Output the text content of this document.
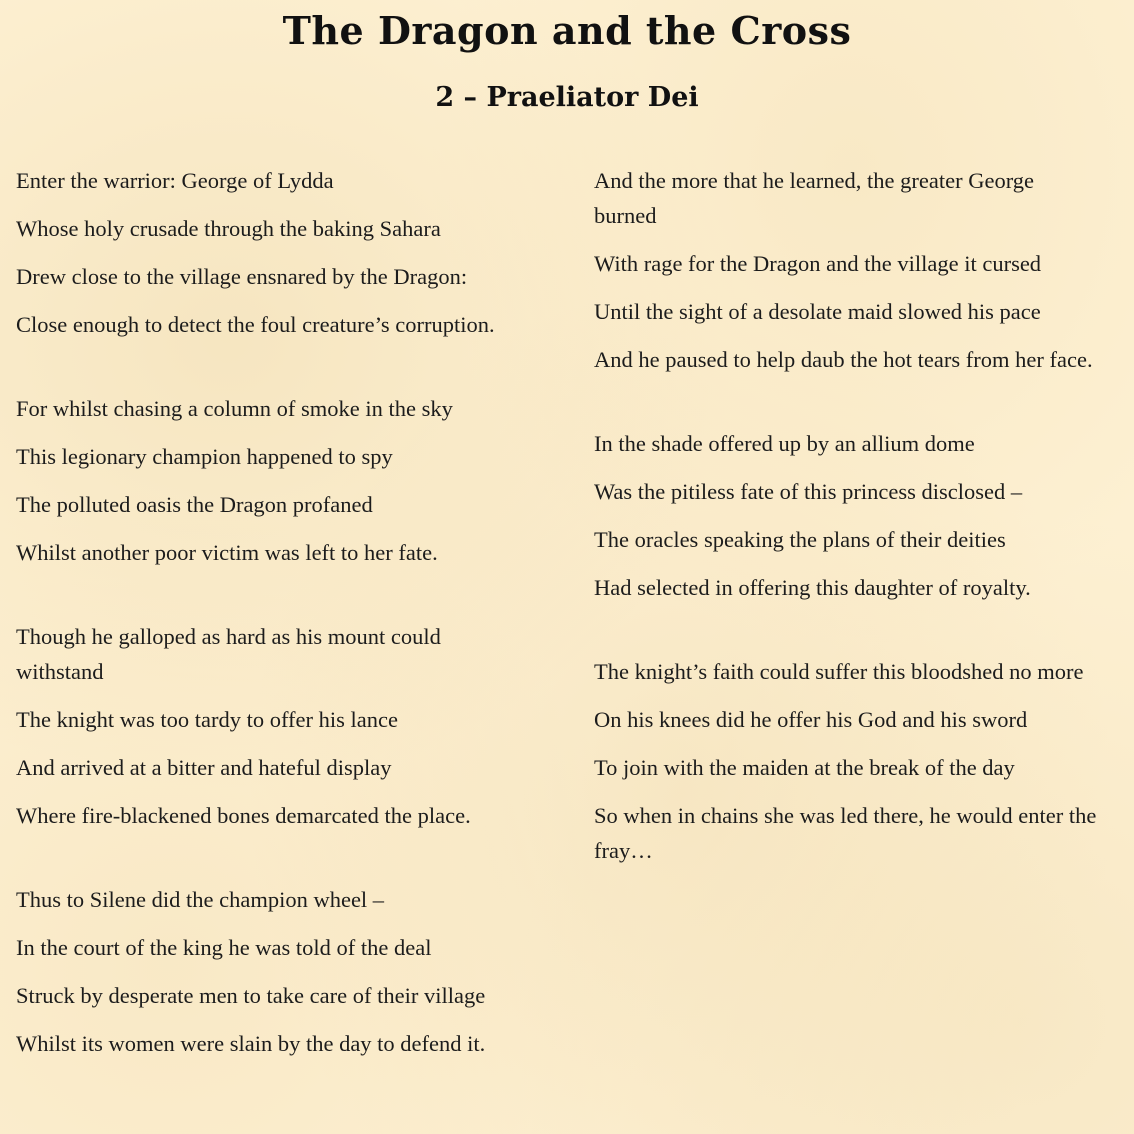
The Dragon and the Cross
2 – Praeliator Dei
Enter the warrior: George of Lydda
Whose holy crusade through the baking Sahara
Drew close to the village ensnared by the Dragon:
Close enough to detect the foul creature’s corruption.
For whilst chasing a column of smoke in the sky
This legionary champion happened to spy
The polluted oasis the Dragon profaned
Whilst another poor victim was left to her fate.
Though he galloped as hard as his mount could withstand
The knight was too tardy to offer his lance
And arrived at a bitter and hateful display
Where fire-blackened bones demarcated the place.
Thus to Silene did the champion wheel –
In the court of the king he was told of the deal
Struck by desperate men to take care of their village
Whilst its women were slain by the day to defend it.
And the more that he learned, the greater George burned
With rage for the Dragon and the village it cursed
Until the sight of a desolate maid slowed his pace
And he paused to help daub the hot tears from her face.
In the shade offered up by an allium dome
Was the pitiless fate of this princess disclosed –
The oracles speaking the plans of their deities
Had selected in offering this daughter of royalty.
The knight’s faith could suffer this bloodshed no more
On his knees did he offer his God and his sword
To join with the maiden at the break of the day
So when in chains she was led there, he would enter the fray…
